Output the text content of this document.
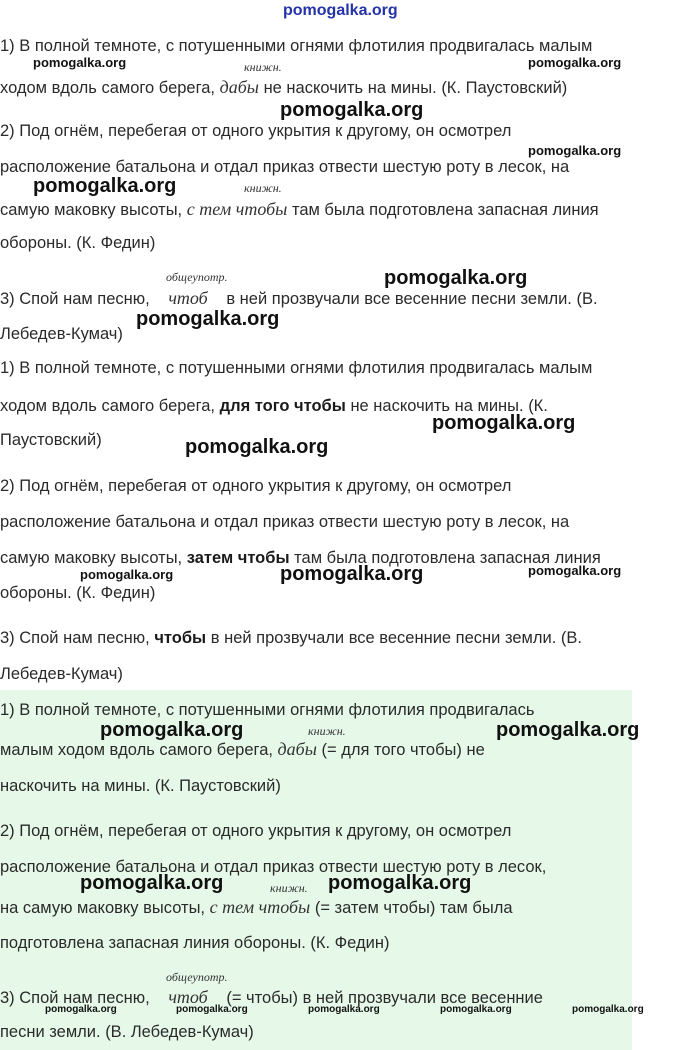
pomogalka.org
1) В полной темноте, с потушенными огнями флотилия продвигалась малым
pomogalka.org	pomogalka.org
книжн.
ходом вдоль самого берега, дабы не наскочить на мины. (К. Паустовский)
pomogalka.org
2) Под огнём, перебегая от одного укрытия к другому, он осмотрел
pomogalka.org
расположение батальона и отдал приказ отвести шестую роту в лесок, на
pomogalka.org	книжн.
самую маковку высоты, с тем чтобы там была подготовлена запасная линия
обороны. (К. Федин)
общеупотр.	pomogalka.org
3) Спой нам песню, чтоб в ней прозвучали все весенние песни земли. (В.
pomogalka.org
Лебедев-Кумач)
1) В полной темноте, с потушенными огнями флотилия продвигалась малым
ходом вдоль самого берега, для того чтобы не наскочить на мины. (К.
pomogalka.org
Паустовский)	pomogalka.org
2) Под огнём, перебегая от одного укрытия к другому, он осмотрел
расположение батальона и отдал приказ отвести шестую роту в лесок, на
самую маковку высоты, затем чтобы там была подготовлена запасная линия
pomogalka.org	pomogalka.org	pomogalka.org
обороны. (К. Федин)
3) Спой нам песню, чтобы в ней прозвучали все весенние песни земли. (В.
Лебедев-Кумач)
1) В полной темноте, с потушенными огнями флотилия продвигалась
pomogalka.org	pomogalka.org
книжн.
малым ходом вдоль самого берега, дабы (= для того чтобы) не
наскочить на мины. (К. Паустовский)
2) Под огнём, перебегая от одного укрытия к другому, он осмотрел
расположение батальона и отдал приказ отвести шестую роту в лесок,
pomogalka.org	книжн. pomogalka.org
на самую маковку высоты, с тем чтобы (= затем чтобы) там была
подготовлена запасная линия обороны. (К. Федин)
общеупотр.
3) Спой нам песню, чтоб (= чтобы) в ней прозвучали все весенние
pomogalka.org	pomogalka.org	pomogalka.org	pomogalka.org	pomogalka.org
песни земли. (В. Лебедев-Кумач)
